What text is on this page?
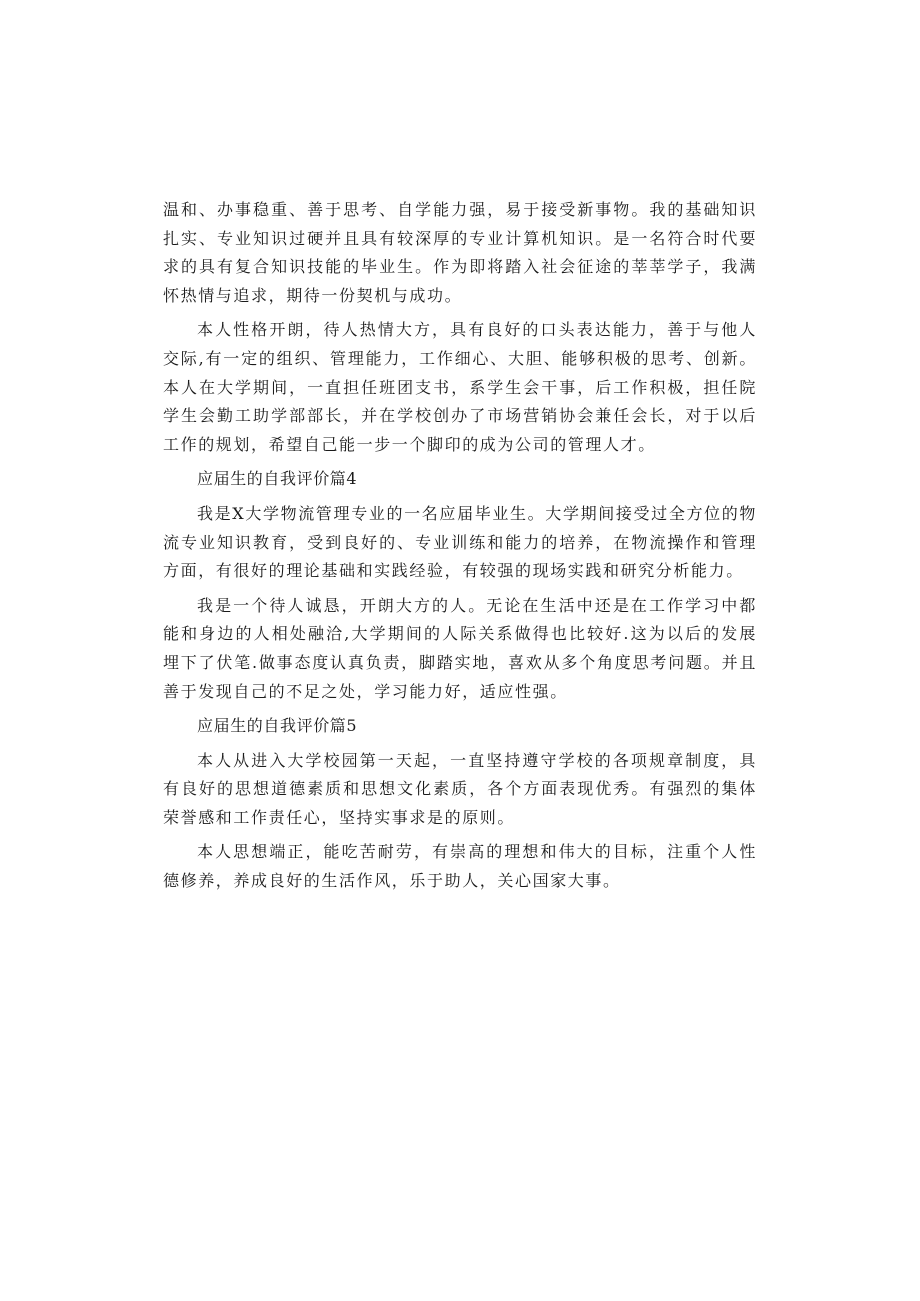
温和、办事稳重、善于思考、自学能力强，易于接受新事物。我的基础知识扎实、专业知识过硬并且具有较深厚的专业计算机知识。是一名符合时代要求的具有复合知识技能的毕业生。作为即将踏入社会征途的莘莘学子，我满怀热情与追求，期待一份契机与成功。

本人性格开朗，待人热情大方，具有良好的口头表达能力，善于与他人交际,有一定的组织、管理能力，工作细心、大胆、能够积极的思考、创新。本人在大学期间，一直担任班团支书，系学生会干事，后工作积极，担任院学生会勤工助学部部长，并在学校创办了市场营销协会兼任会长，对于以后工作的规划，希望自己能一步一个脚印的成为公司的管理人才。

应届生的自我评价篇4

我是X大学物流管理专业的一名应届毕业生。大学期间接受过全方位的物流专业知识教育，受到良好的、专业训练和能力的培养，在物流操作和管理方面，有很好的理论基础和实践经验，有较强的现场实践和研究分析能力。

我是一个待人诚恳，开朗大方的人。无论在生活中还是在工作学习中都能和身边的人相处融洽,大学期间的人际关系做得也比较好.这为以后的发展埋下了伏笔.做事态度认真负责，脚踏实地，喜欢从多个角度思考问题。并且善于发现自己的不足之处，学习能力好，适应性强。

应届生的自我评价篇5

本人从进入大学校园第一天起，一直坚持遵守学校的各项规章制度，具有良好的思想道德素质和思想文化素质，各个方面表现优秀。有强烈的集体荣誉感和工作责任心，坚持实事求是的原则。

本人思想端正，能吃苦耐劳，有崇高的理想和伟大的目标，注重个人性德修养，养成良好的生活作风，乐于助人，关心国家大事。
